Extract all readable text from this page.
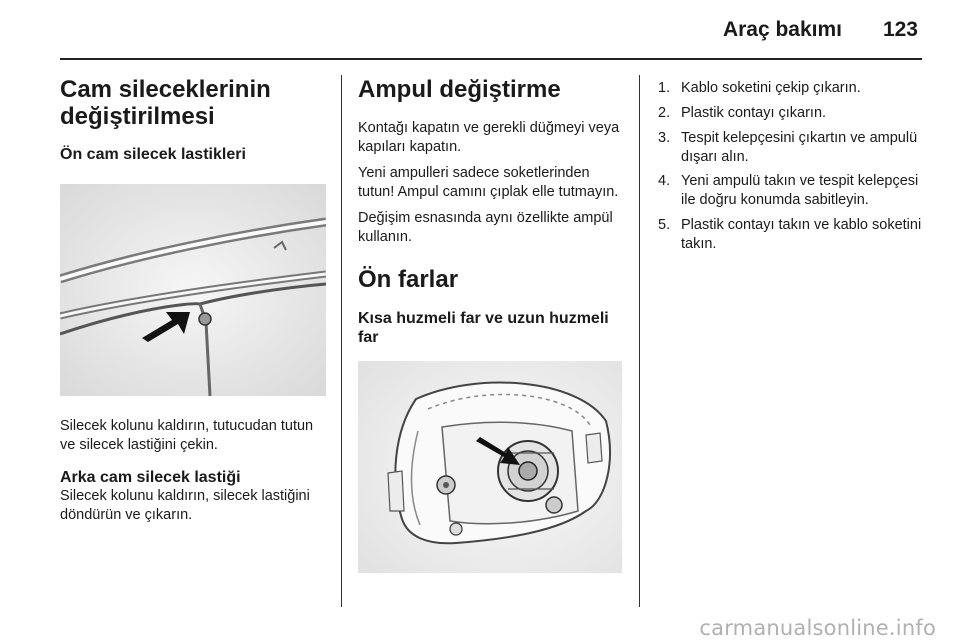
Araç bakımı 123
Cam sileceklerinin değiştirilmesi
Ön cam silecek lastikleri

Silecek kolunu kaldırın, tutucudan tutun ve silecek lastiğini çekin.

Arka cam silecek lastiği

Silecek kolunu kaldırın, silecek lastiğini döndürün ve çıkarın.

Ampul değiştirme

Kontağı kapatın ve gerekli düğmeyi veya kapıları kapatın.

Yeni ampulleri sadece soketlerinden tutun! Ampul camını çıplak elle tutmayın.

Değişim esnasında aynı özellikte ampül kullanın.

Ön farlar
Kısa huzmeli far ve uzun huzmeli far
1. Kablo soketini çekip çıkarın.
2. Plastik contayı çıkarın.
3. Tespit kelepçesini çıkartın ve ampulü dışarı alın.
4. Yeni ampulü takın ve tespit kelepçesi ile doğru konumda sabitleyin.
5. Plastik contayı takın ve kablo soketini takın.
carmanualsonline.info
